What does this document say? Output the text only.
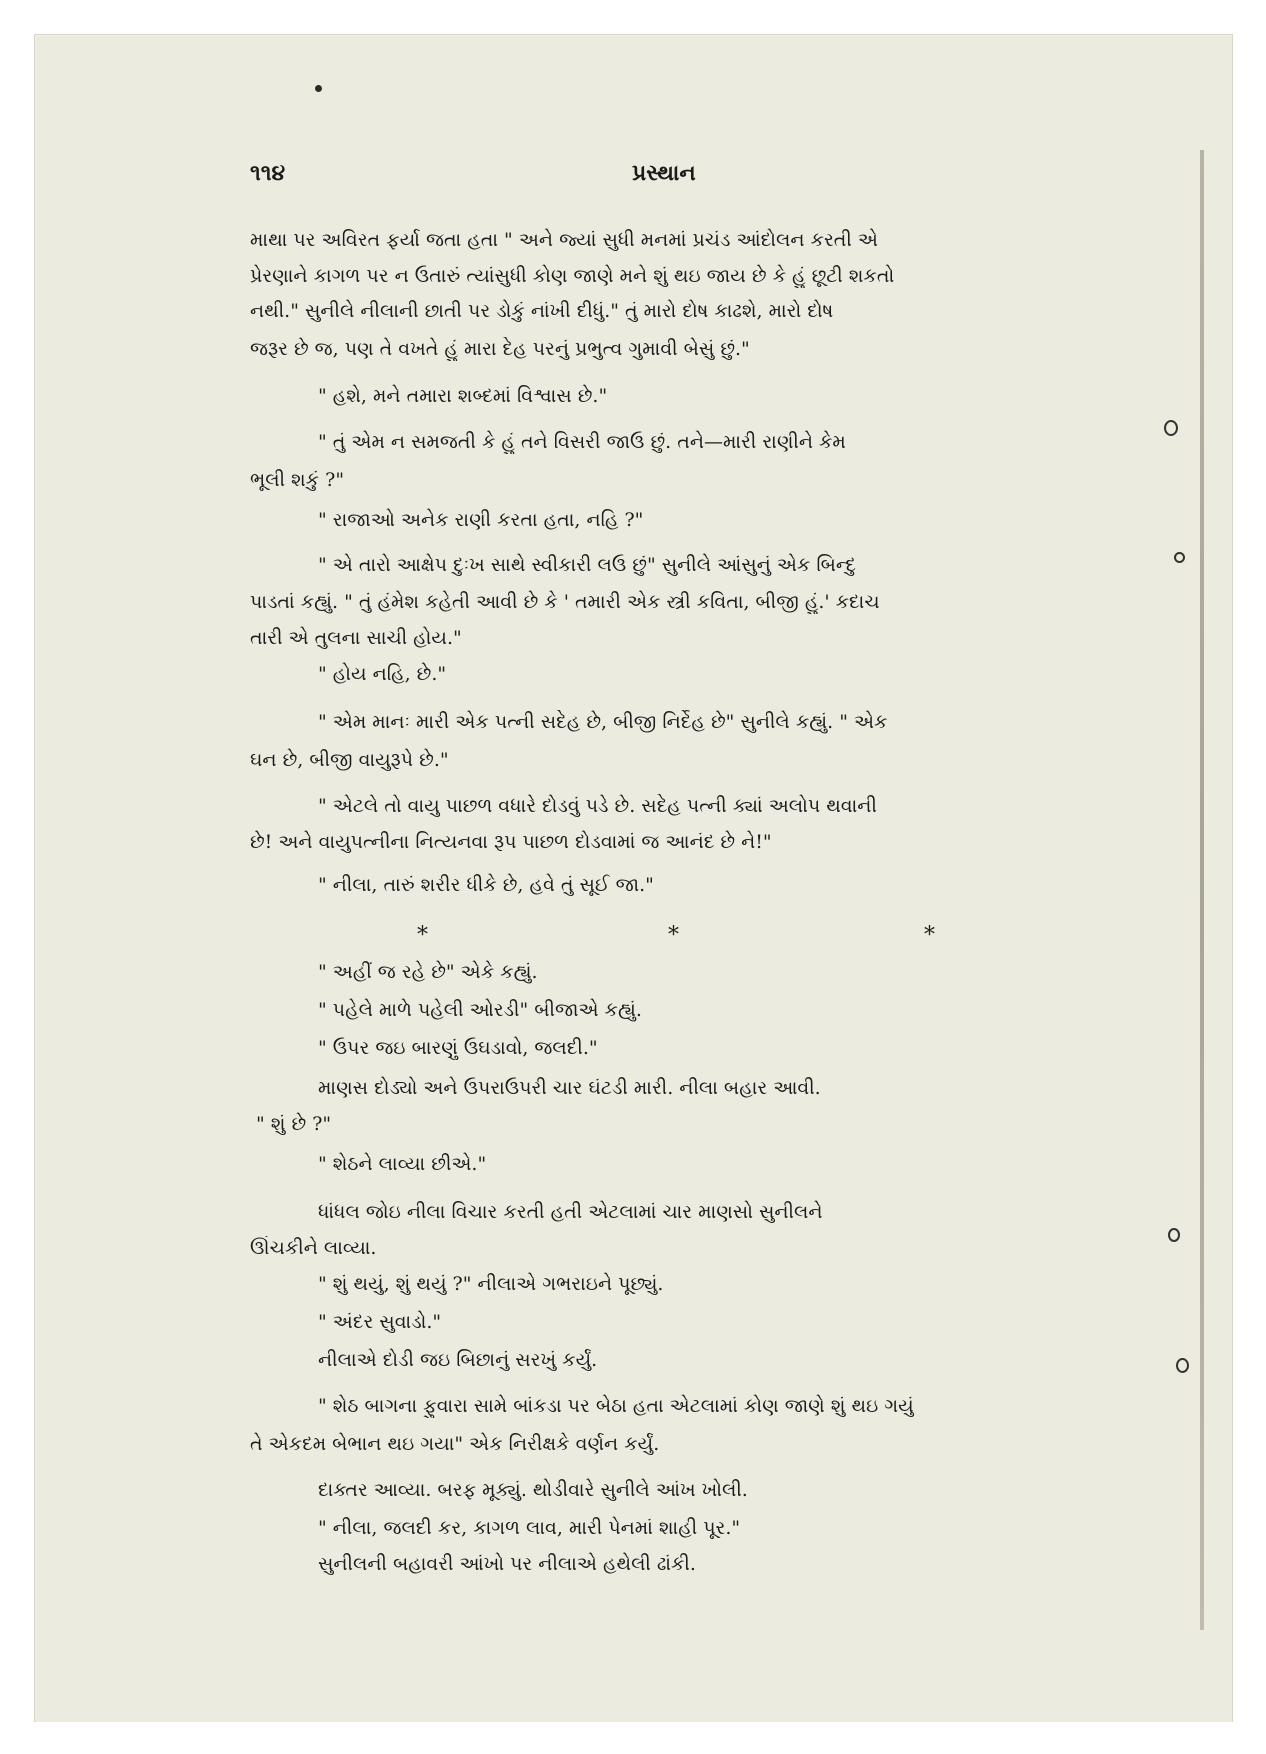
૧૧૪	પ્રસ્થાન
માથા પર અવિરત ફર્યા જતા હતા " અને જ્યાં સુધી મનમાં પ્રચંડ આંદોલન કરતી એ
પ્રેરણાને કાગળ પર ન ઉતારું ત્યાંસુધી કોણ જાણે મને શું થઇ જાય છે કે હું છૂટી શકતો
નથી." સુનીલે નીલાની છાતી પર ડોકું નાંખી દીધું." તું મારો દોષ કાઢશે, મારો દોષ
જરૂર છે જ, પણ તે વખતે હું મારા દેહ પરનું પ્રભુત્વ ગુમાવી બેસું છું."
" હશે, મને તમારા શબ્દમાં વિશ્વાસ છે."
" તું એમ ન સમજતી કે હું તને વિસરી જાઉં છું. તને—મારી રાણીને કેમ
ભૂલી શકું ?"
" રાજાઓ અનેક રાણી કરતા હતા, નહિ ?"
" એ તારો આક્ષેપ દુઃખ સાથે સ્વીકારી લઉં છું" સુનીલે આંસુનું એક બિન્દુ
પાડતાં કહ્યું. " તું હંમેશ કહેતી આવી છે કે ' તમારી એક સ્ત્રી કવિતા, બીજી હું.' કદાચ
તારી એ તુલના સાચી હોય."
" હોય નહિ, છે."
" એમ માનઃ મારી એક પત્ની સદેહ છે, બીજી નિર્દેહ છે" સુનીલે કહ્યું. " એક
ઘન છે, બીજી વાયુરૂપે છે."
" એટલે તો વાયુ પાછળ વધારે દોડવું પડે છે. સદેહ પત્ની ક્યાં અલોપ થવાની
છે! અને વાયુપત્નીના નિત્યનવા રૂપ પાછળ દોડવામાં જ આનંદ છે ને!"
" નીલા, તારું શરીર ધીકે છે, હવે તું સૂઈ જા."
*	*	*
" અહીં જ રહે છે" એકે કહ્યું.
" પહેલે માળે પહેલી ઓરડી" બીજાએ કહ્યું.
" ઉપર જઇ બારણું ઉઘડાવો, જલદી."
માણસ દોડ્યો અને ઉપરાઉપરી ચાર ઘંટડી મારી. નીલા બહાર આવી.
" શું છે ?"
" શેઠને લાવ્યા છીએ."
ધાંધલ જોઇ નીલા વિચાર કરતી હતી એટલામાં ચાર માણસો સુનીલને
ઊંચકીને લાવ્યા.
" શું થયું, શું થયું ?" નીલાએ ગભરાઇને પૂછ્યું.
" અંદર સુવાડો."
નીલાએ દોડી જઇ બિછાનું સરખું કર્યું.
" શેઠ બાગના ફુવારા સામે બાંકડા પર બેઠા હતા એટલામાં કોણ જાણે શું થઇ ગયું
તે એકદમ બેભાન થઇ ગયા" એક નિરીક્ષકે વર્ણન કર્યું.
દાક્તર આવ્યા. બરફ મૂક્યું. થોડીવારે સુનીલે આંખ ખોલી.
" નીલા, જલદી કર, કાગળ લાવ, મારી પેનમાં શાહી પૂર."
સુનીલની બહાવરી આંખો પર નીલાએ હથેલી ઢાંકી.
